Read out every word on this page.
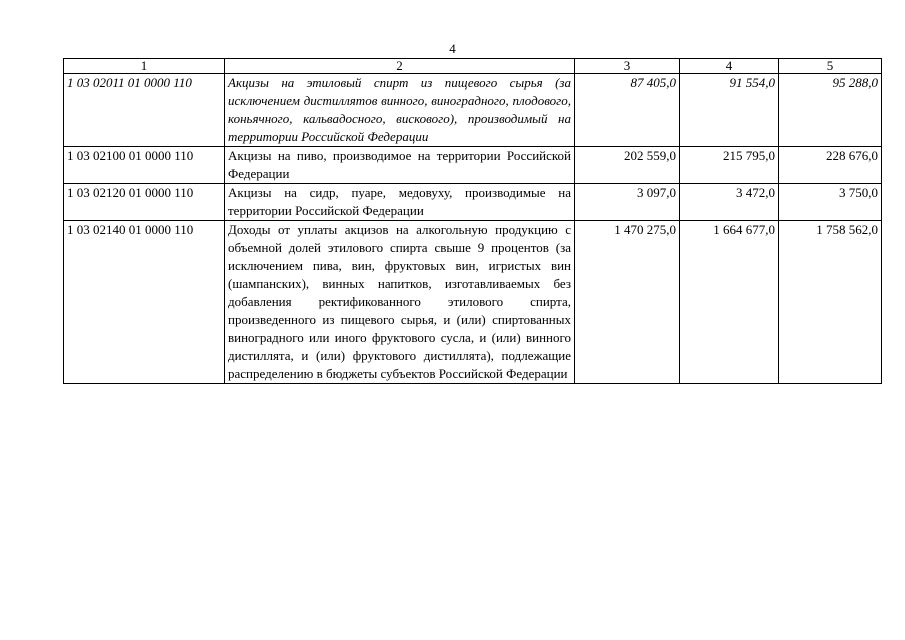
4
1	2	3	4	5
1 03 02011 01 0000 110	Акцизы на этиловый спирт из пищевого сырья (за исключением дистиллятов винного, виноградного, плодового, коньячного, кальвадосного, вискового), производимый на территории Российской Федерации	87 405,0	91 554,0	95 288,0
1 03 02100 01 0000 110	Акцизы на пиво, производимое на территории Российской Федерации	202 559,0	215 795,0	228 676,0
1 03 02120 01 0000 110	Акцизы на сидр, пуаре, медовуху, производимые на территории Российской Федерации	3 097,0	3 472,0	3 750,0
1 03 02140 01 0000 110	Доходы от уплаты акцизов на алкогольную продукцию с объемной долей этилового спирта свыше 9 процентов (за исключением пива, вин, фруктовых вин, игристых вин (шампанских), винных напитков, изготавливаемых без добавления ректификованного этилового спирта, произведенного из пищевого сырья, и (или) спиртованных виноградного или иного фруктового сусла, и (или) винного дистиллята, и (или) фруктового дистиллята), подлежащие распределению в бюджеты субъектов Российской Федерации	1 470 275,0	1 664 677,0	1 758 562,0
